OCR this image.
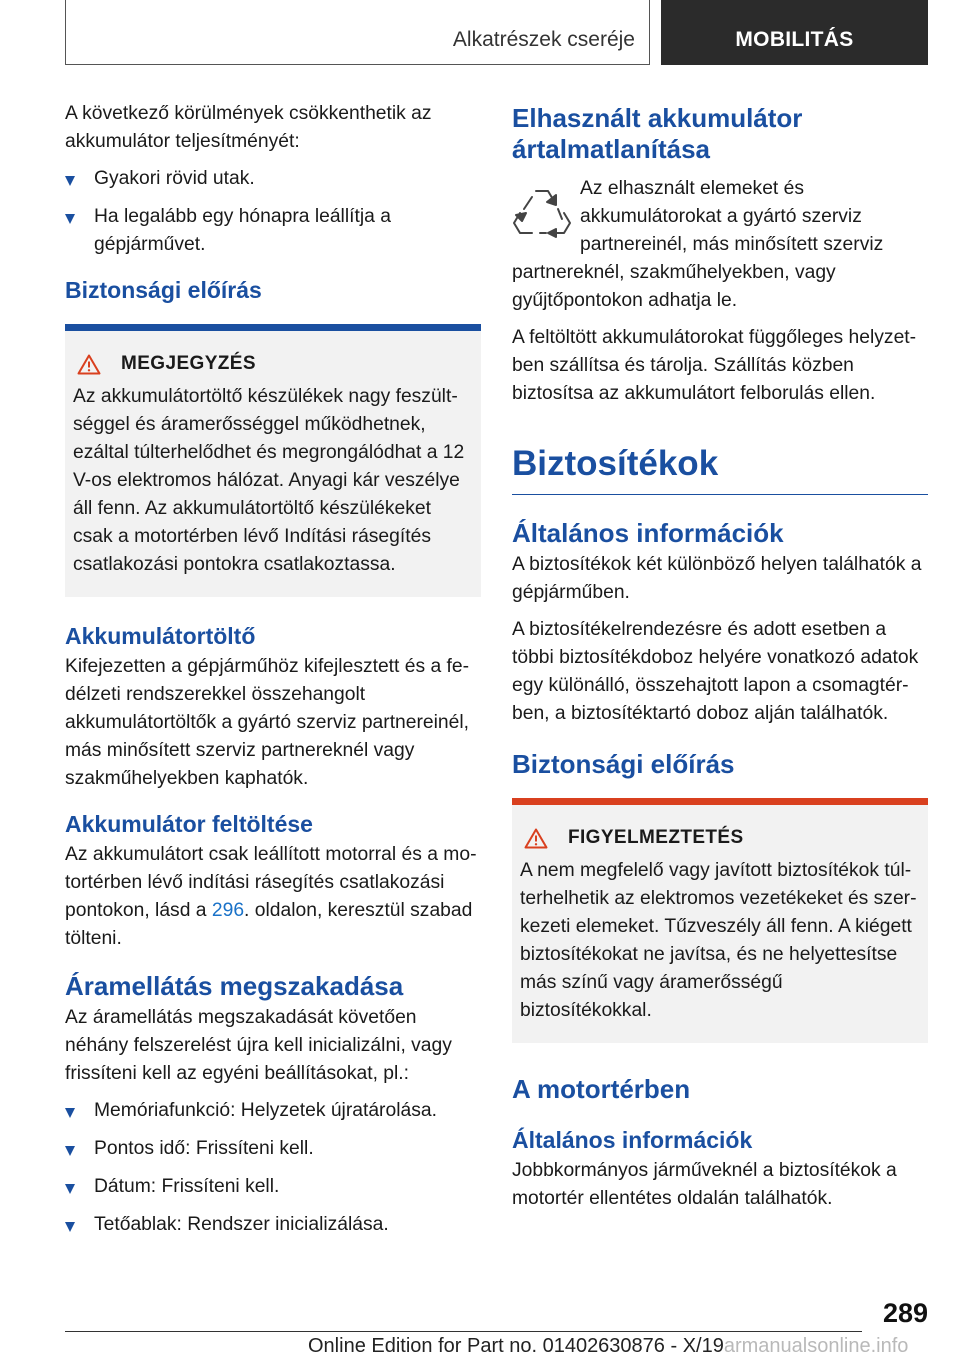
Alkatrészek cseréje	MOBILITÁS

A következő körülmények csökkenthetik az akkumulátor teljesítményét:

Gyakori rövid utak.
Ha legalább egy hónapra leállítja a gépjárművet.
Biztonsági előírás
MEGJEGYZÉS

Az akkumulátortöltő készülékek nagy feszültséggel és áramerősséggel működhetnek, ezáltal túlterhelődhet és megrongálódhat a 12 V-os elektromos hálózat. Anyagi kár veszélye áll fenn. Az akkumulátortöltő készülékeket csak a motortérben lévő Indítási rásegítés csatlakozási pontokra csatlakoztassa.

Akkumulátortöltő

Kifejezetten a gépjárműhöz kifejlesztett és a fedélzeti rendszerekkel összehangolt akkumulátortöltők a gyártó szerviz partnereinél, más minősített szerviz partnereknél vagy szakműhelyekben kaphatók.

Akkumulátor feltöltése

Az akkumulátort csak leállított motorral és a motortérben lévő indítási rásegítés csatlakozási pontokon, lásd a 296. oldalon, keresztül szabad tölteni.

Áramellátás megszakadása

Az áramellátás megszakadását követően néhány felszerelést újra kell inicializálni, vagy frissíteni kell az egyéni beállításokat, pl.:

Memóriafunkció: Helyzetek újratárolása.
Pontos idő: Frissíteni kell.
Dátum: Frissíteni kell.
Tetőablak: Rendszer inicializálása.
Elhasznált akkumulátor ártalmatlanítása

Az elhasznált elemeket és akkumulátorokat a gyártó szerviz partnereinél, más minősített szerviz partnereknél, szakműhelyekben, vagy gyűjtőpontokon adhatja le.

A feltöltött akkumulátorokat függőleges helyzetben szállítsa és tárolja. Szállítás közben biztosítsa az akkumulátort felborulás ellen.

Biztosítékok
Általános információk

A biztosítékok két különböző helyen találhatók a gépjárműben.

A biztosítékelrendezésre és adott esetben a többi biztosítékdoboz helyére vonatkozó adatok egy különálló, összehajtott lapon a csomagtérben, a biztosítéktartó doboz alján találhatók.

Biztonsági előírás
FIGYELMEZTETÉS

A nem megfelelő vagy javított biztosítékok túlterhelhetik az elektromos vezetékeket és szerkezeti elemeket. Tűzveszély áll fenn. A kiégett biztosítékokat ne javítsa, és ne helyettesítse más színű vagy áramerősségű biztosítékokkal.

A motortérben
Általános információk

Jobbkormányos járműveknél a biztosítékok a motortér ellentétes oldalán találhatók.

289
Online Edition for Part no. 01402630876 - X/19armanualsonline.info
